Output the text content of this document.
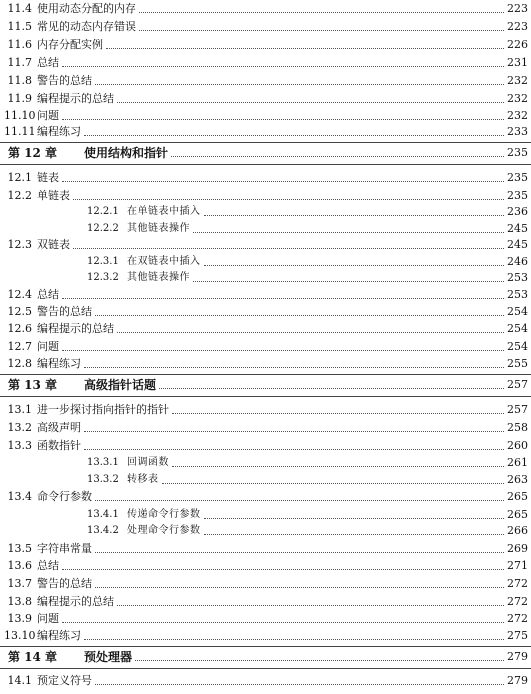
11.4 使用动态分配的内存	223
11.5 常见的动态内存错误	223
11.6 内存分配实例	226
11.7 总结	231
11.8 警告的总结	232
11.9 编程提示的总结	232
11.10 问题	232
11.11 编程练习	233
第 12 章	使用结构和指针	235
12.1 链表	235
12.2 单链表	235
12.2.1 在单链表中插入	236
12.2.2 其他链表操作	245
12.3 双链表	245
12.3.1 在双链表中插入	246
12.3.2 其他链表操作	253
12.4 总结	253
12.5 警告的总结	254
12.6 编程提示的总结	254
12.7 问题	254
12.8 编程练习	255
第 13 章	高级指针话题	257
13.1 进一步探讨指向指针的指针	257
13.2 高级声明	258
13.3 函数指针	260
13.3.1 回调函数	261
13.3.2 转移表	263
13.4 命令行参数	265
13.4.1 传递命令行参数	265
13.4.2 处理命令行参数	266
13.5 字符串常量	269
13.6 总结	271
13.7 警告的总结	272
13.8 编程提示的总结	272
13.9 问题	272
13.10 编程练习	275
第 14 章	预处理器	279
14.1 预定义符号	279
